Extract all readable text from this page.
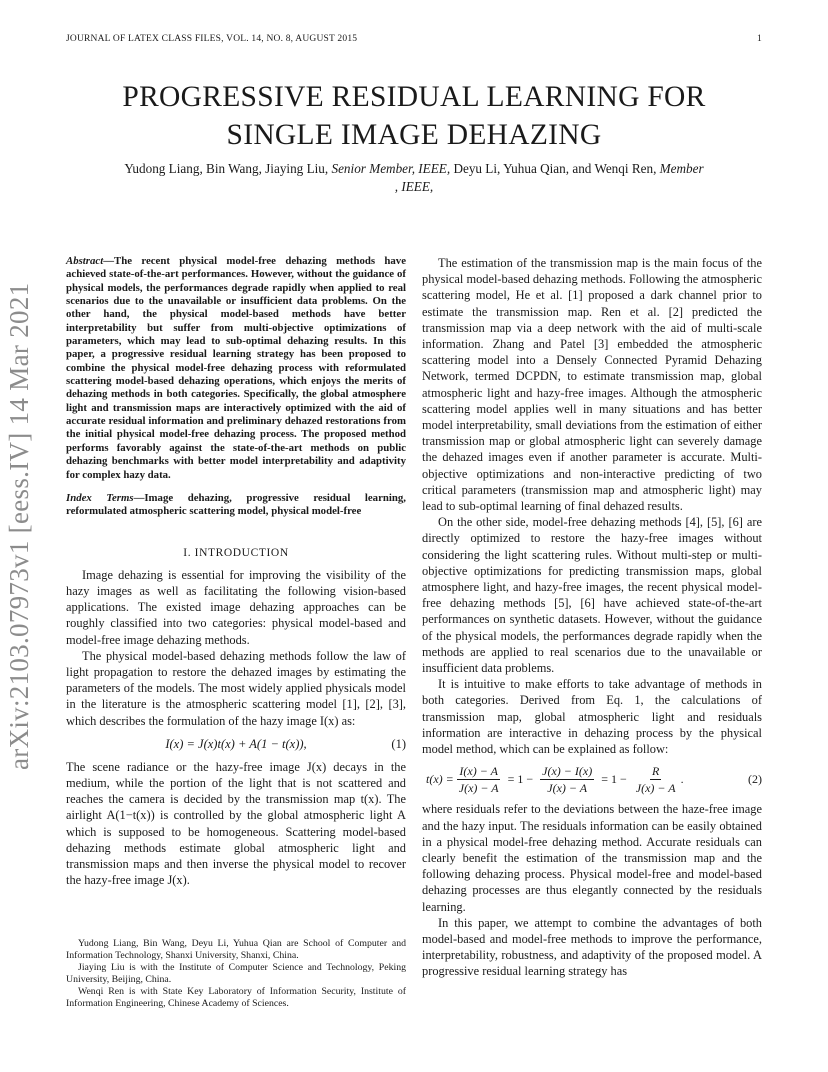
JOURNAL OF LATEX CLASS FILES, VOL. 14, NO. 8, AUGUST 2015	1
PROGRESSIVE RESIDUAL LEARNING FOR
SINGLE IMAGE DEHAZING
Yudong Liang, Bin Wang, Jiaying Liu, Senior Member, IEEE, Deyu Li, Yuhua Qian, and Wenqi Ren, Member
, IEEE,
arXiv:2103.07973v1 [eess.IV] 14 Mar 2021
Abstract—The recent physical model-free dehazing methods have achieved state-of-the-art performances. However, without the guidance of physical models, the performances degrade rapidly when applied to real scenarios due to the unavailable or insufficient data problems. On the other hand, the physical model-based methods have better interpretability but suffer from multi-objective optimizations of parameters, which may lead to sub-optimal dehazing results. In this paper, a progressive residual learning strategy has been proposed to combine the physical model-free dehazing process with reformulated scattering model-based dehazing operations, which enjoys the merits of dehazing methods in both categories. Specifically, the global atmosphere light and transmission maps are interactively optimized with the aid of accurate residual information and preliminary dehazed restorations from the initial physical model-free dehazing process. The proposed method performs favorably against the state-of-the-art methods on public dehazing benchmarks with better model interpretability and adaptivity for complex hazy data.
Index Terms—Image dehazing, progressive residual learning, reformulated atmospheric scattering model, physical model-free
I. INTRODUCTION

Image dehazing is essential for improving the visibility of the hazy images as well as facilitating the following vision-based applications. The existed image dehazing approaches can be roughly classified into two categories: physical model-based and model-free image dehazing methods.

The physical model-based dehazing methods follow the law of light propagation to restore the dehazed images by estimating the parameters of the models. The most widely applied physicals model in the literature is the atmospheric scattering model [1], [2], [3], which describes the formulation of the hazy image I(x) as:

I(x) = J(x)t(x) + A(1 − t(x)),	(1)

The scene radiance or the hazy-free image J(x) decays in the medium, while the portion of the light that is not scattered and reaches the camera is decided by the transmission map t(x). The airlight A(1−t(x)) is controlled by the global atmospheric light A which is supposed to be homogeneous. Scattering model-based dehazing methods estimate global atmospheric light and transmission maps and then inverse the physical model to recover the hazy-free image J(x).

Yudong Liang, Bin Wang, Deyu Li, Yuhua Qian are School of Computer and Information Technology, Shanxi University, Shanxi, China.

Jiaying Liu is with the Institute of Computer Science and Technology, Peking University, Beijing, China.

Wenqi Ren is with State Key Laboratory of Information Security, Institute of Information Engineering, Chinese Academy of Sciences.

The estimation of the transmission map is the main focus of the physical model-based dehazing methods. Following the atmospheric scattering model, He et al. [1] proposed a dark channel prior to estimate the transmission map. Ren et al. [2] predicted the transmission map via a deep network with the aid of multi-scale information. Zhang and Patel [3] embedded the atmospheric scattering model into a Densely Connected Pyramid Dehazing Network, termed DCPDN, to estimate transmission map, global atmospheric light and hazy-free images. Although the atmospheric scattering model applies well in many situations and has better model interpretability, small deviations from the estimation of either transmission map or global atmospheric light can severely damage the dehazed images even if another parameter is accurate. Multi-objective optimizations and non-interactive predicting of two critical parameters (transmission map and atmospheric light) may lead to sub-optimal learning of final dehazed results.

On the other side, model-free dehazing methods [4], [5], [6] are directly optimized to restore the hazy-free images without considering the light scattering rules. Without multi-step or multi-objective optimizations for predicting transmission maps, global atmosphere light, and hazy-free images, the recent physical model-free dehazing methods [5], [6] have achieved state-of-the-art performances on synthetic datasets. However, without the guidance of the physical models, the performances degrade rapidly when the methods are applied to real scenarios due to the unavailable or insufficient data problems.

It is intuitive to make efforts to take advantage of methods in both categories. Derived from Eq. 1, the calculations of transmission map, global atmospheric light and residuals information are interactive in dehazing process by the physical model method, which can be explained as follow:

$t(x) = \frac{I(x) - A}{J(x) - A} = 1 - \frac{J(x) - I(x)}{J(x) - A} = 1 - \frac{R}{J(x) - A}$ .	(2)

where residuals refer to the deviations between the haze-free image and the hazy input. The residuals information can be easily obtained in a physical model-free dehazing method. Accurate residuals can clearly benefit the estimation of the transmission map and the following dehazing process. Physical model-free and model-based dehazing processes are thus elegantly connected by the residuals learning.

In this paper, we attempt to combine the advantages of both model-based and model-free methods to improve the performance, interpretability, robustness, and adaptivity of the proposed model. A progressive residual learning strategy has
